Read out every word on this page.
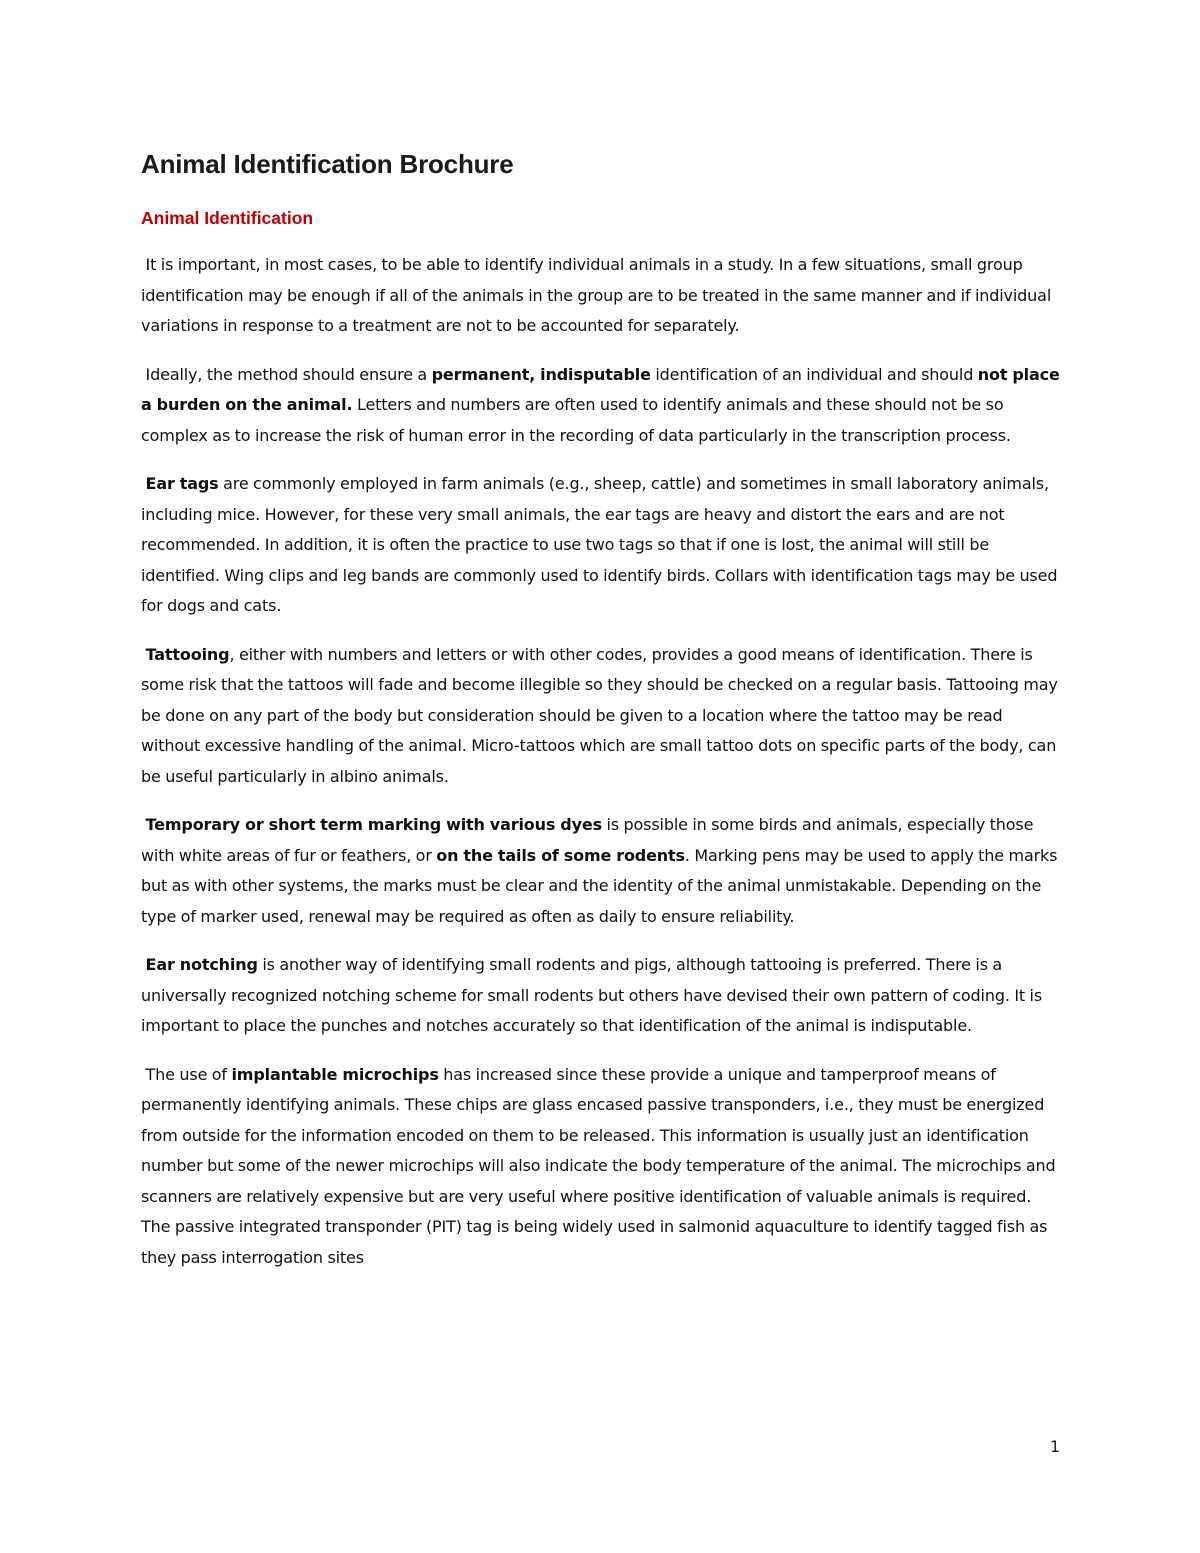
Animal Identification Brochure
Animal Identification

It is important, in most cases, to be able to identify individual animals in a study. In a few situations, small group identification may be enough if all of the animals in the group are to be treated in the same manner and if individual variations in response to a treatment are not to be accounted for separately.

Ideally, the method should ensure a permanent, indisputable identification of an individual and should not place a burden on the animal. Letters and numbers are often used to identify animals and these should not be so complex as to increase the risk of human error in the recording of data particularly in the transcription process.

Ear tags are commonly employed in farm animals (e.g., sheep, cattle) and sometimes in small laboratory animals, including mice. However, for these very small animals, the ear tags are heavy and distort the ears and are not recommended. In addition, it is often the practice to use two tags so that if one is lost, the animal will still be identified. Wing clips and leg bands are commonly used to identify birds. Collars with identification tags may be used for dogs and cats.

Tattooing, either with numbers and letters or with other codes, provides a good means of identification. There is some risk that the tattoos will fade and become illegible so they should be checked on a regular basis. Tattooing may be done on any part of the body but consideration should be given to a location where the tattoo may be read without excessive handling of the animal. Micro-tattoos which are small tattoo dots on specific parts of the body, can be useful particularly in albino animals.

Temporary or short term marking with various dyes is possible in some birds and animals, especially those with white areas of fur or feathers, or on the tails of some rodents. Marking pens may be used to apply the marks but as with other systems, the marks must be clear and the identity of the animal unmistakable. Depending on the type of marker used, renewal may be required as often as daily to ensure reliability.

Ear notching is another way of identifying small rodents and pigs, although tattooing is preferred. There is a universally recognized notching scheme for small rodents but others have devised their own pattern of coding. It is important to place the punches and notches accurately so that identification of the animal is indisputable.

The use of implantable microchips has increased since these provide a unique and tamperproof means of permanently identifying animals. These chips are glass encased passive transponders, i.e., they must be energized from outside for the information encoded on them to be released. This information is usually just an identification number but some of the newer microchips will also indicate the body temperature of the animal. The microchips and scanners are relatively expensive but are very useful where positive identification of valuable animals is required. The passive integrated transponder (PIT) tag is being widely used in salmonid aquaculture to identify tagged fish as they pass interrogation sites

1
